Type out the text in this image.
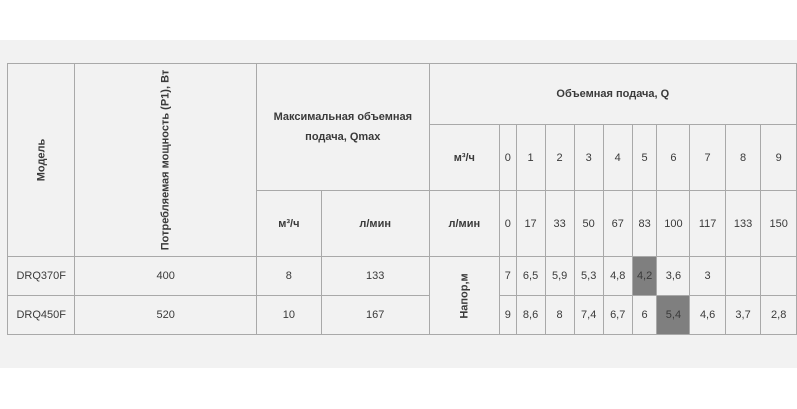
Модель	Потребляемая мощность (P1), Вт	Максимальная объемная подача, Qmax		Объемная подача, Q										
				м³/ч	0	1	2	3	4	5	6	7	8	9
		м³/ч	л/мин	л/мин	0	17	33	50	67	83	100	117	133	150
DRQ370F	400	8	133	Напор,м	7	6,5	5,9	5,3	4,8	4,2	3,6	3		
DRQ450F	520	10	167		9	8,6	8	7,4	6,7	6	5,4	4,6	3,7	2,8
